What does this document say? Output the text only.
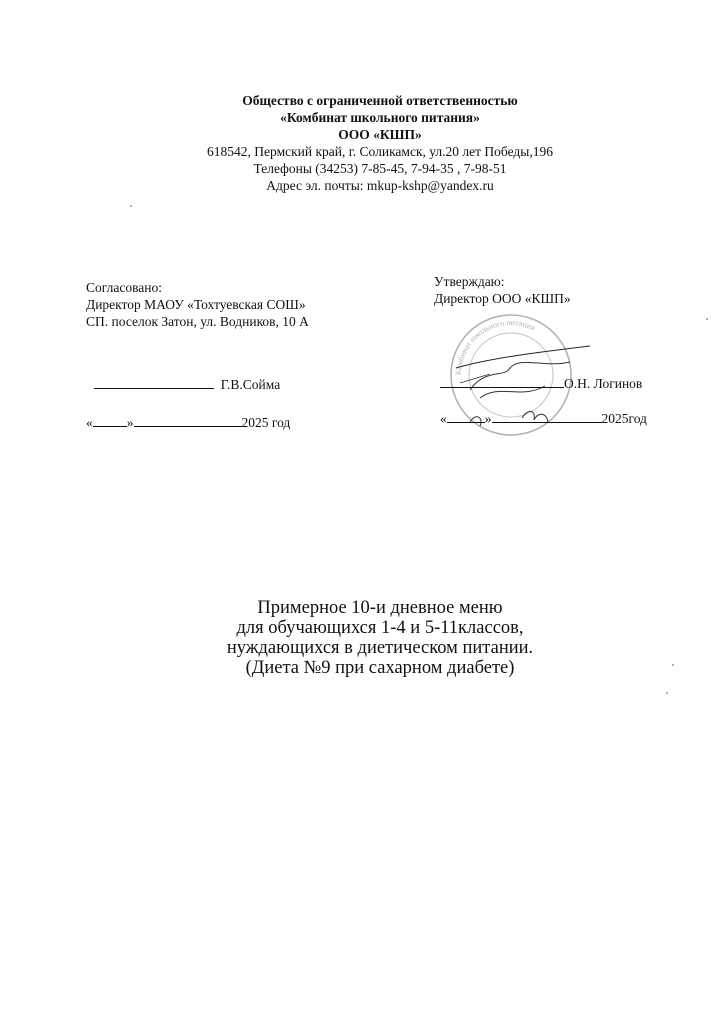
Общество с ограниченной ответственностью
«Комбинат школьного питания»
ООО «КШП»
618542, Пермский край, г. Соликамск, ул.20 лет Победы,196
Телефоны (34253) 7-85-45, 7-94-35 , 7-98-51
Адрес эл. почты: mkup-kshp@yandex.ru
Согласовано:
Директор МАОУ «Тохтуевская СОШ»
СП. поселок Затон, ул. Водников, 10 А
Г.В.Сойма
«	»	2025 год
Утверждаю:
Директор ООО «КШП»
Комбинат школьного питания
О.Н. Логинов
«	»	2025год
Примерное 10-и дневное меню
для обучающихся 1-4 и 5-11классов,
нуждающихся в диетическом питании.
(Диета №9 при сахарном диабете)
